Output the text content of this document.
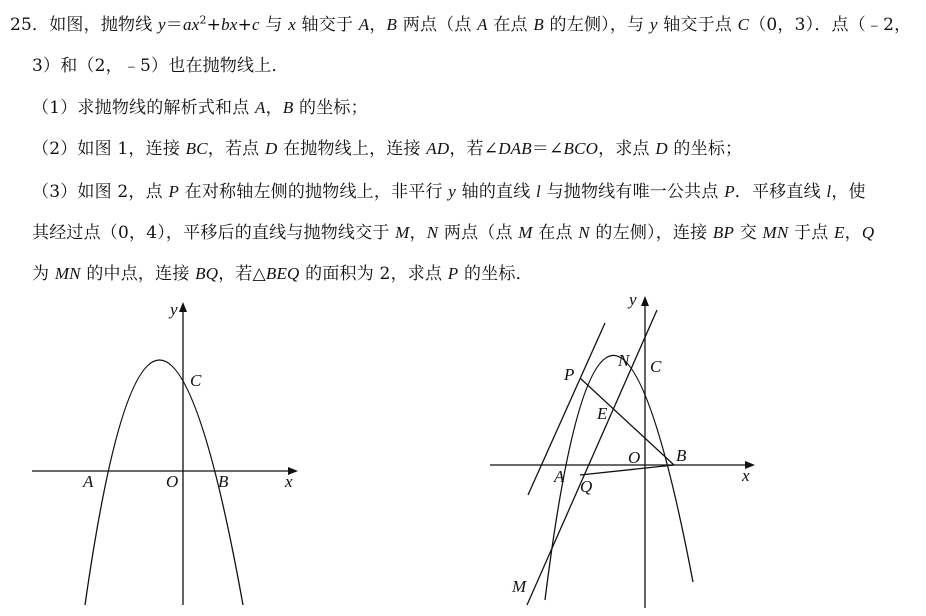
25．如图，抛物线 $y=ax^2+bx+c$ 与 x 轴交于 A，B 两点（点 A 在点 B 的左侧），与 y 轴交于点 C（0，3）．点（﹣2，
3）和（2，﹣5）也在抛物线上．
（1）求抛物线的解析式和点 A，B 的坐标；
（2）如图 1，连接 BC，若点 D 在抛物线上，连接 AD，若∠DAB＝∠BCO，求点 D 的坐标；
（3）如图 2，点 P 在对称轴左侧的抛物线上，非平行 y 轴的直线 l 与抛物线有唯一公共点 P．平移直线 l，使
其经过点（0，4），平移后的直线与抛物线交于 M，N 两点（点 M 在点 N 的左侧），连接 BP 交 MN 于点 E，Q
为 MN 的中点，连接 BQ，若△BEQ 的面积为 2，求点 P 的坐标．
y
x
A	O B
C
y
x
P
N C
E
O B
A
Q
M
